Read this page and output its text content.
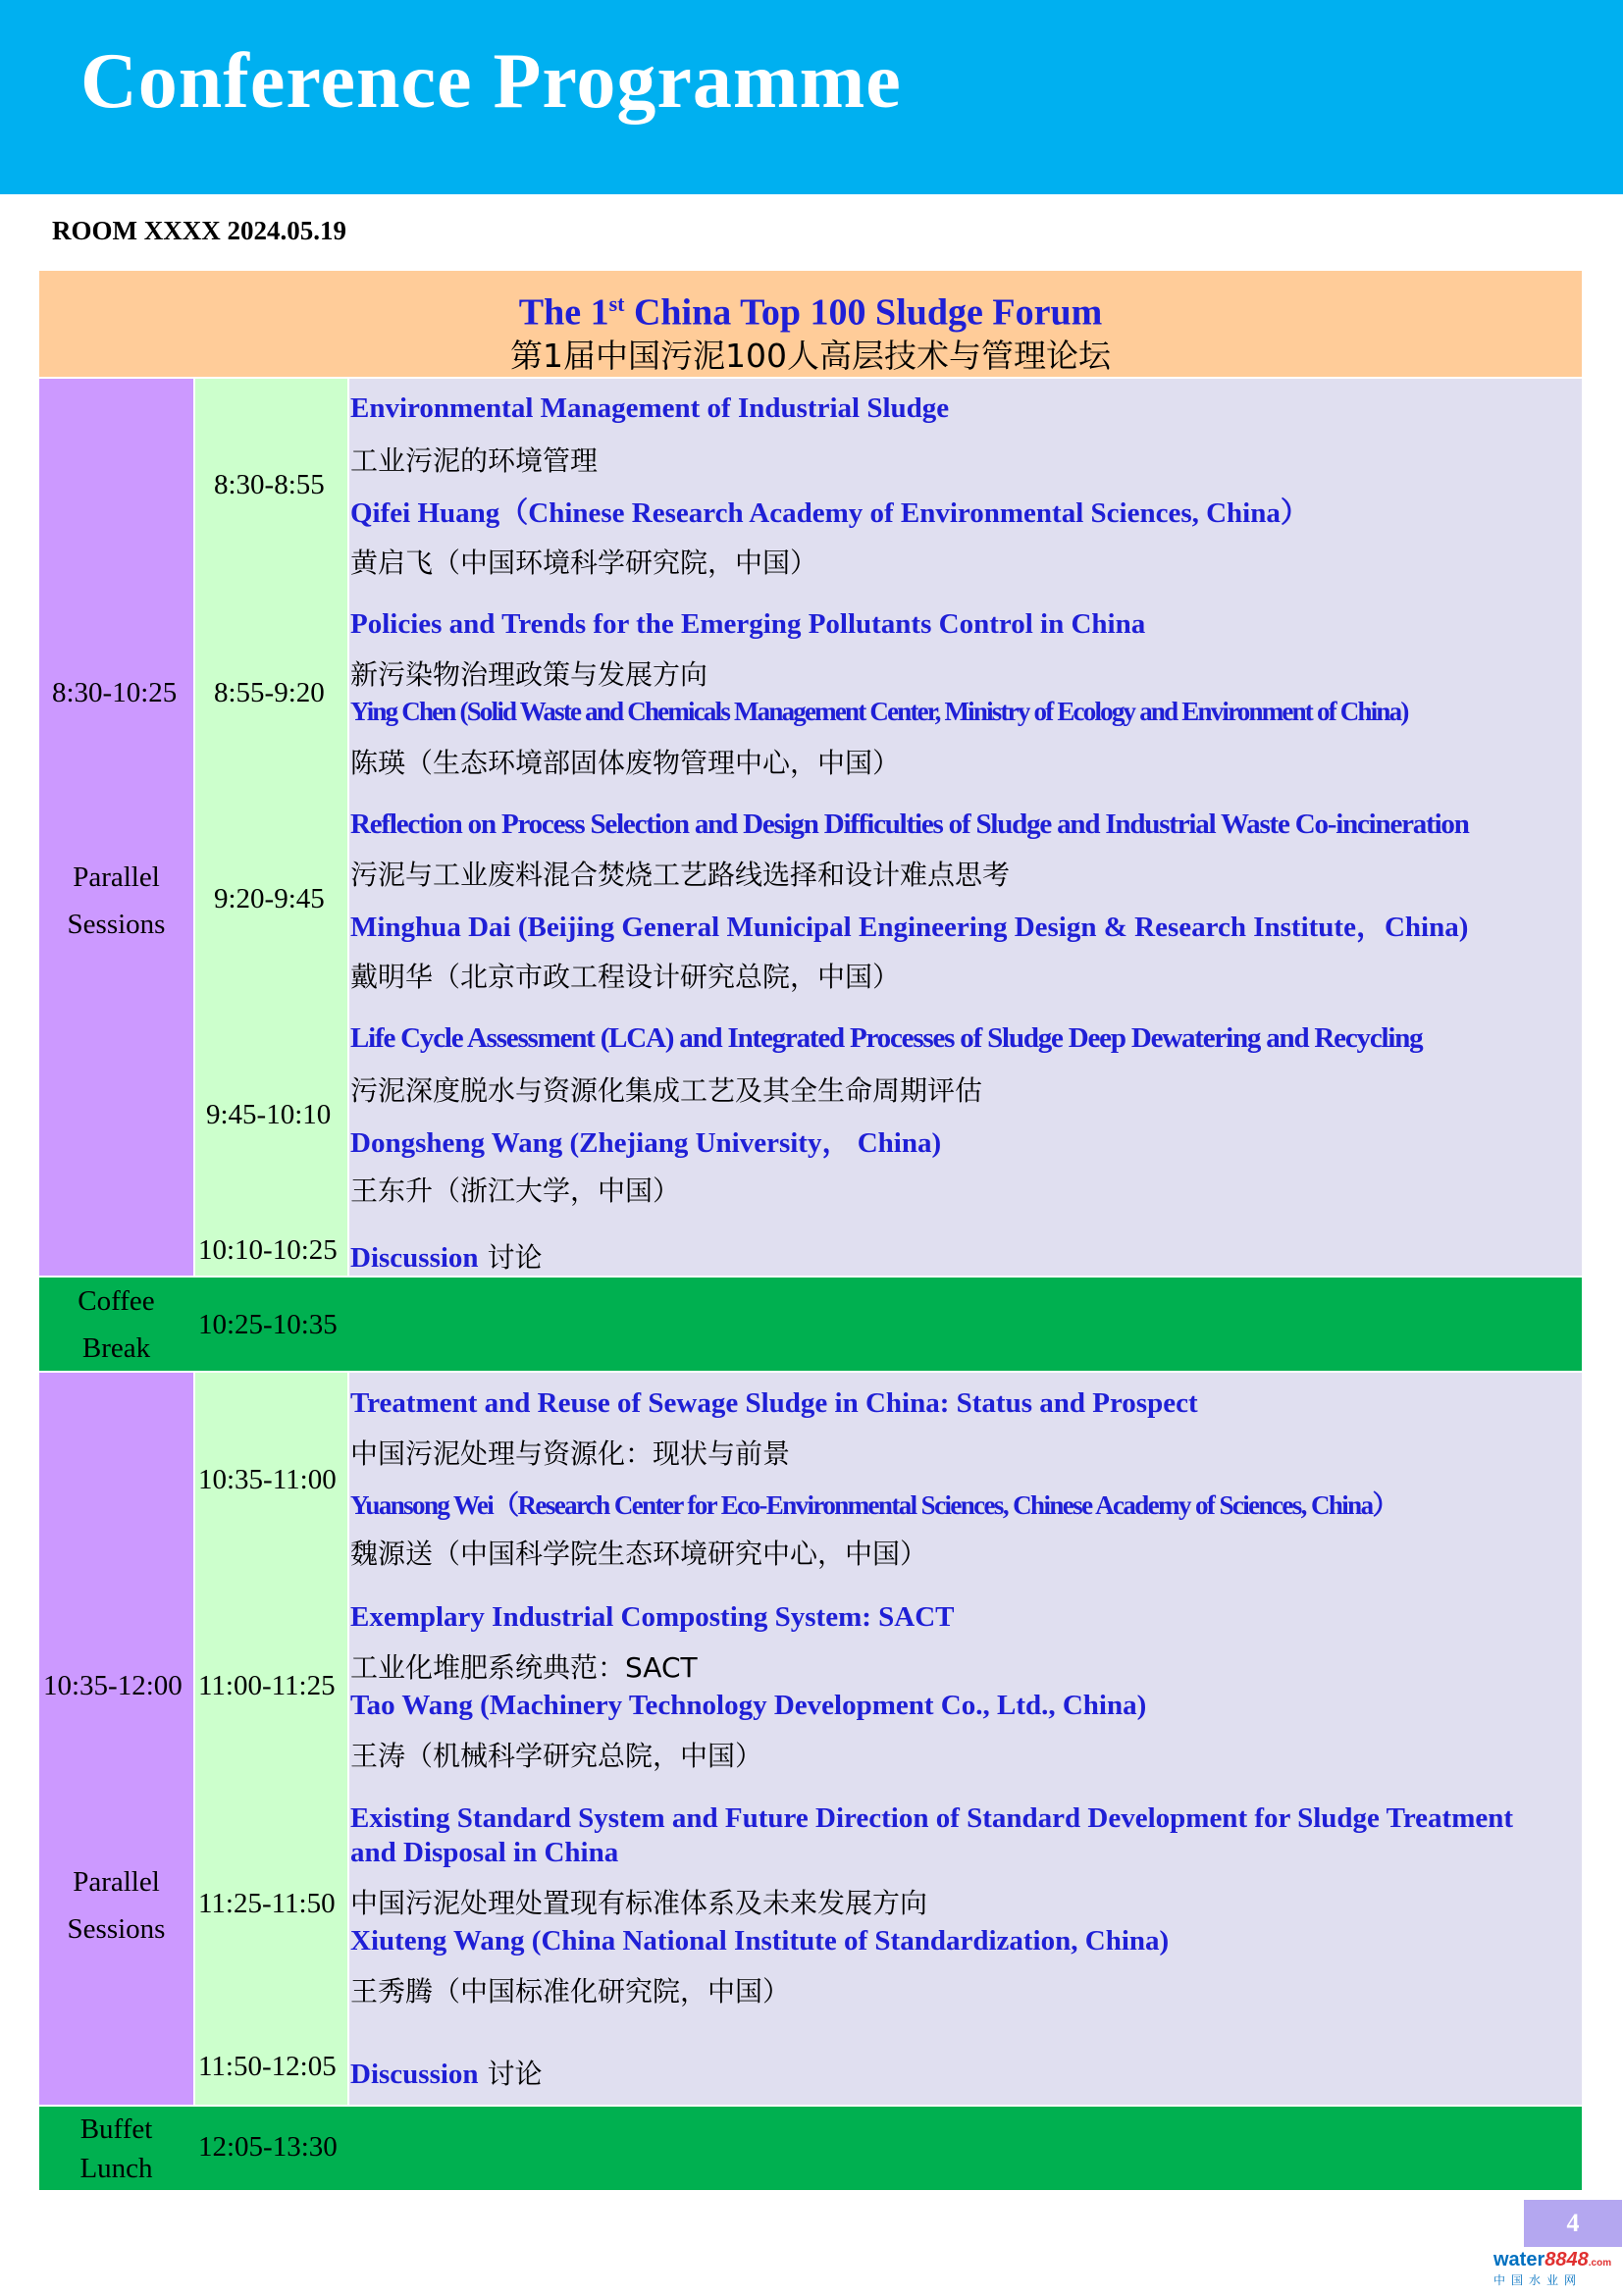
Conference Programme
ROOM XXXX 2024.05.19
The 1st China Top 100 Sludge Forum
第1届中国污泥100人高层技术与管理论坛
8:30-10:25
Parallel
Sessions
8:30-8:55
Environmental Management of Industrial Sludge
工业污泥的环境管理
Qifei Huang（Chinese Research Academy of Environmental Sciences, China）
黄启飞（中国环境科学研究院，中国）
8:55-9:20
Policies and Trends for the Emerging Pollutants Control in China
新污染物治理政策与发展方向
Ying Chen (Solid Waste and Chemicals Management Center, Ministry of Ecology and Environment of China)
陈瑛（生态环境部固体废物管理中心，中国）
9:20-9:45
Reflection on Process Selection and Design Difficulties of Sludge and Industrial Waste Co-incineration
污泥与工业废料混合焚烧工艺路线选择和设计难点思考
Minghua Dai (Beijing General Municipal Engineering Design & Research Institute，China)
戴明华（北京市政工程设计研究总院，中国）
9:45-10:10
Life Cycle Assessment (LCA) and Integrated Processes of Sludge Deep Dewatering and Recycling
污泥深度脱水与资源化集成工艺及其全生命周期评估
Dongsheng Wang (Zhejiang University， China)
王东升（浙江大学，中国）
10:10-10:25 Discussion 讨论
Coffee
Break
10:25-10:35
10:35-12:00
Parallel
Sessions
10:35-11:00
Treatment and Reuse of Sewage Sludge in China: Status and Prospect
中国污泥处理与资源化：现状与前景
Yuansong Wei（Research Center for Eco-Environmental Sciences, Chinese Academy of Sciences, China）
魏源送（中国科学院生态环境研究中心，中国）
11:00-11:25
Exemplary Industrial Composting System: SACT
工业化堆肥系统典范：SACT
Tao Wang (Machinery Technology Development Co., Ltd., China)
王涛（机械科学研究总院，中国）
11:25-11:50
Existing Standard System and Future Direction of Standard Development for Sludge Treatment and Disposal in China
中国污泥处理处置现有标准体系及未来发展方向
Xiuteng Wang (China National Institute of Standardization, China)
王秀腾（中国标准化研究院，中国）
11:50-12:05 Discussion 讨论
Buffet
Lunch
12:05-13:30
4
water8848.com
中国水业网
